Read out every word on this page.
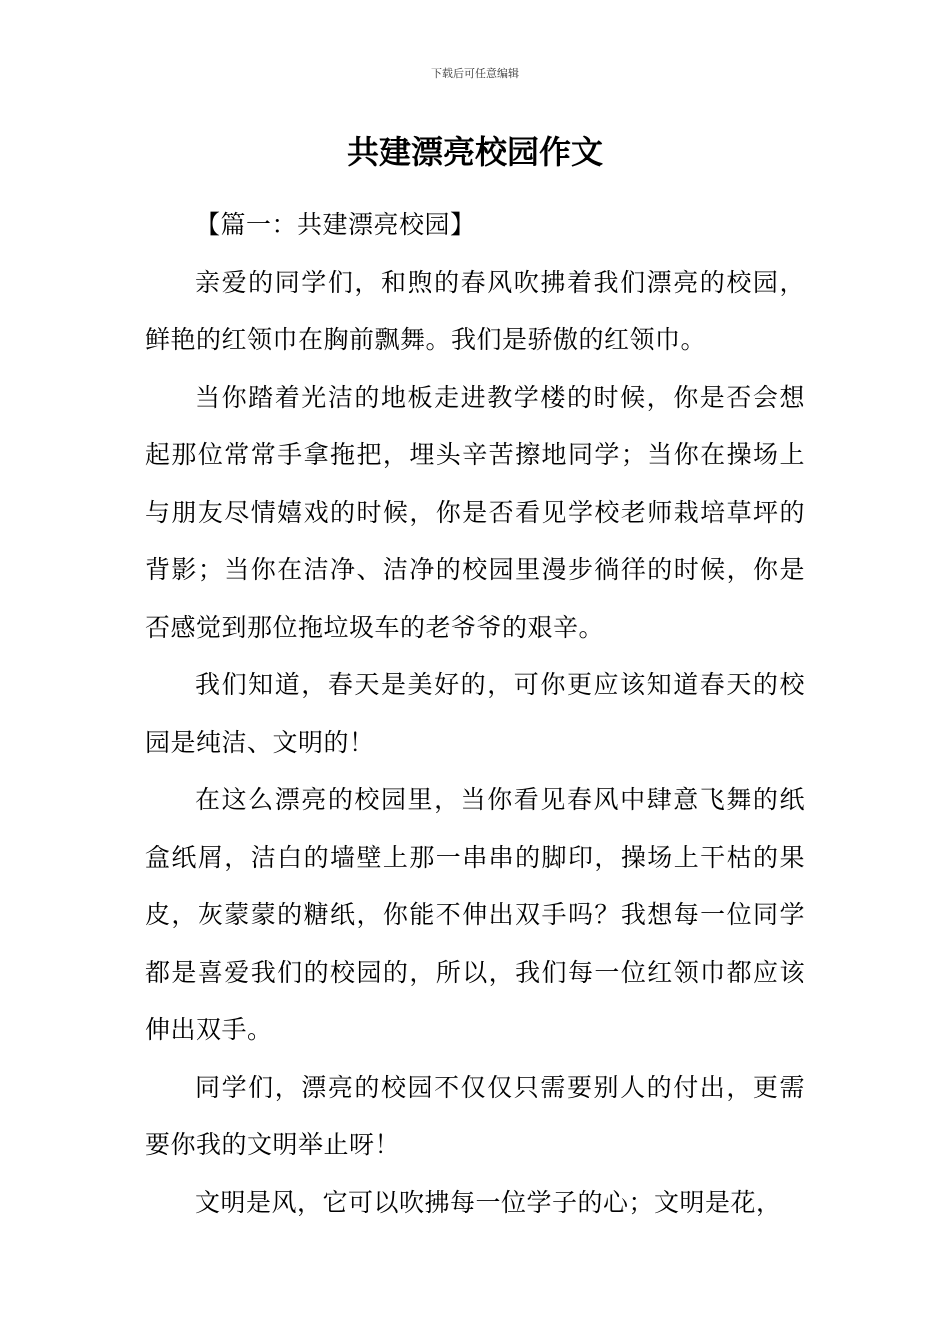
下载后可任意编辑
共建漂亮校园作文

【篇一：共建漂亮校园】

亲爱的同学们，和煦的春风吹拂着我们漂亮的校园，鲜艳的红领巾在胸前飘舞。我们是骄傲的红领巾。

当你踏着光洁的地板走进教学楼的时候，你是否会想起那位常常手拿拖把，埋头辛苦擦地同学；当你在操场上与朋友尽情嬉戏的时候，你是否看见学校老师栽培草坪的背影；当你在洁净、洁净的校园里漫步徜徉的时候，你是否感觉到那位拖垃圾车的老爷爷的艰辛。

我们知道，春天是美好的，可你更应该知道春天的校园是纯洁、文明的！

在这么漂亮的校园里，当你看见春风中肆意飞舞的纸盒纸屑，洁白的墙壁上那一串串的脚印，操场上干枯的果皮，灰蒙蒙的糖纸，你能不伸出双手吗？我想每一位同学都是喜爱我们的校园的，所以，我们每一位红领巾都应该伸出双手。

同学们，漂亮的校园不仅仅只需要别人的付出，更需要你我的文明举止呀！

文明是风，它可以吹拂每一位学子的心；文明是花，
